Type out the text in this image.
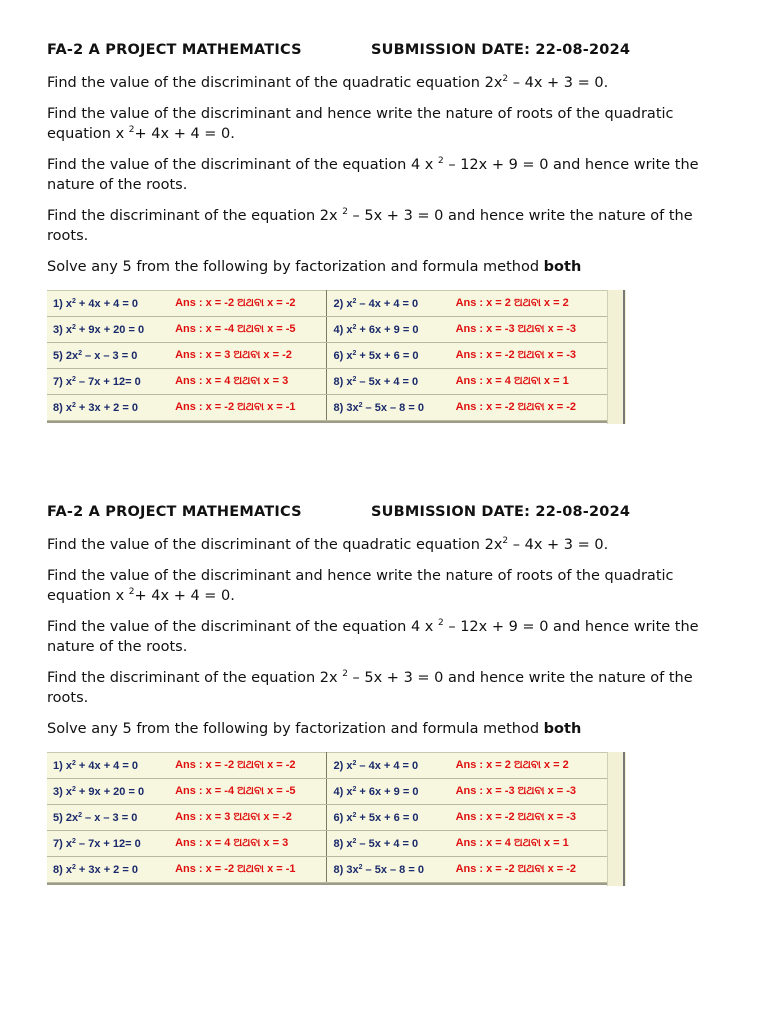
FA-2 A PROJECT MATHEMATICS	SUBMISSION DATE: 22-08-2024

Find the value of the discriminant of the quadratic equation $2x^2 - 4x + 3 = 0$.

Find the value of the discriminant and hence write the nature of roots of the quadratic equation x $^2$+ 4x + 4 = 0.

Find the value of the discriminant of the equation 4 x $^2$ – 12x + 9 = 0 and hence write the nature of the roots.

Find the discriminant of the equation 2x $^2$ – 5x + 3 = 0 and hence write the nature of the roots.

Solve any 5 from the following by factorization and formula method both

1) $x^2 + 4x + 4 = 0$	Ans : x = -2 ଅଥବା x = -2	2) $x^2 - 4x + 4 = 0$	Ans : x = 2 ଅଥବା x = 2
3) $x^2 + 9x + 20 = 0$	Ans : x = -4 ଅଥବା x = -5	4) $x^2 + 6x + 9 = 0$	Ans : x = -3 ଅଥବା x = -3
5) $2x^2 - x - 3 = 0$	Ans : x = 3 ଅଥବା x = -2	6) $x^2 + 5x + 6 = 0$	Ans : x = -2 ଅଥବା x = -3
7) $x^2 - 7x + 12= 0$	Ans : x = 4 ଅଥବା x = 3	8) $x^2 - 5x + 4 = 0$	Ans : x = 4 ଅଥବା x = 1
8) $x^2 + 3x + 2 = 0$	Ans : x = -2 ଅଥବା x = -1	8) $3x^2 - 5x - 8 = 0$	Ans : x = -2 ଅଥବା x = -2
FA-2 A PROJECT MATHEMATICS	SUBMISSION DATE: 22-08-2024

Find the value of the discriminant of the quadratic equation $2x^2 - 4x + 3 = 0$.

Find the value of the discriminant and hence write the nature of roots of the quadratic equation x $^2$+ 4x + 4 = 0.

Find the value of the discriminant of the equation 4 x $^2$ – 12x + 9 = 0 and hence write the nature of the roots.

Find the discriminant of the equation 2x $^2$ – 5x + 3 = 0 and hence write the nature of the roots.

Solve any 5 from the following by factorization and formula method both

1) $x^2 + 4x + 4 = 0$	Ans : x = -2 ଅଥବା x = -2	2) $x^2 - 4x + 4 = 0$	Ans : x = 2 ଅଥବା x = 2
3) $x^2 + 9x + 20 = 0$	Ans : x = -4 ଅଥବା x = -5	4) $x^2 + 6x + 9 = 0$	Ans : x = -3 ଅଥବା x = -3
5) $2x^2 - x - 3 = 0$	Ans : x = 3 ଅଥବା x = -2	6) $x^2 + 5x + 6 = 0$	Ans : x = -2 ଅଥବା x = -3
7) $x^2 - 7x + 12= 0$	Ans : x = 4 ଅଥବା x = 3	8) $x^2 - 5x + 4 = 0$	Ans : x = 4 ଅଥବା x = 1
8) $x^2 + 3x + 2 = 0$	Ans : x = -2 ଅଥବା x = -1	8) $3x^2 - 5x - 8 = 0$	Ans : x = -2 ଅଥବା x = -2
